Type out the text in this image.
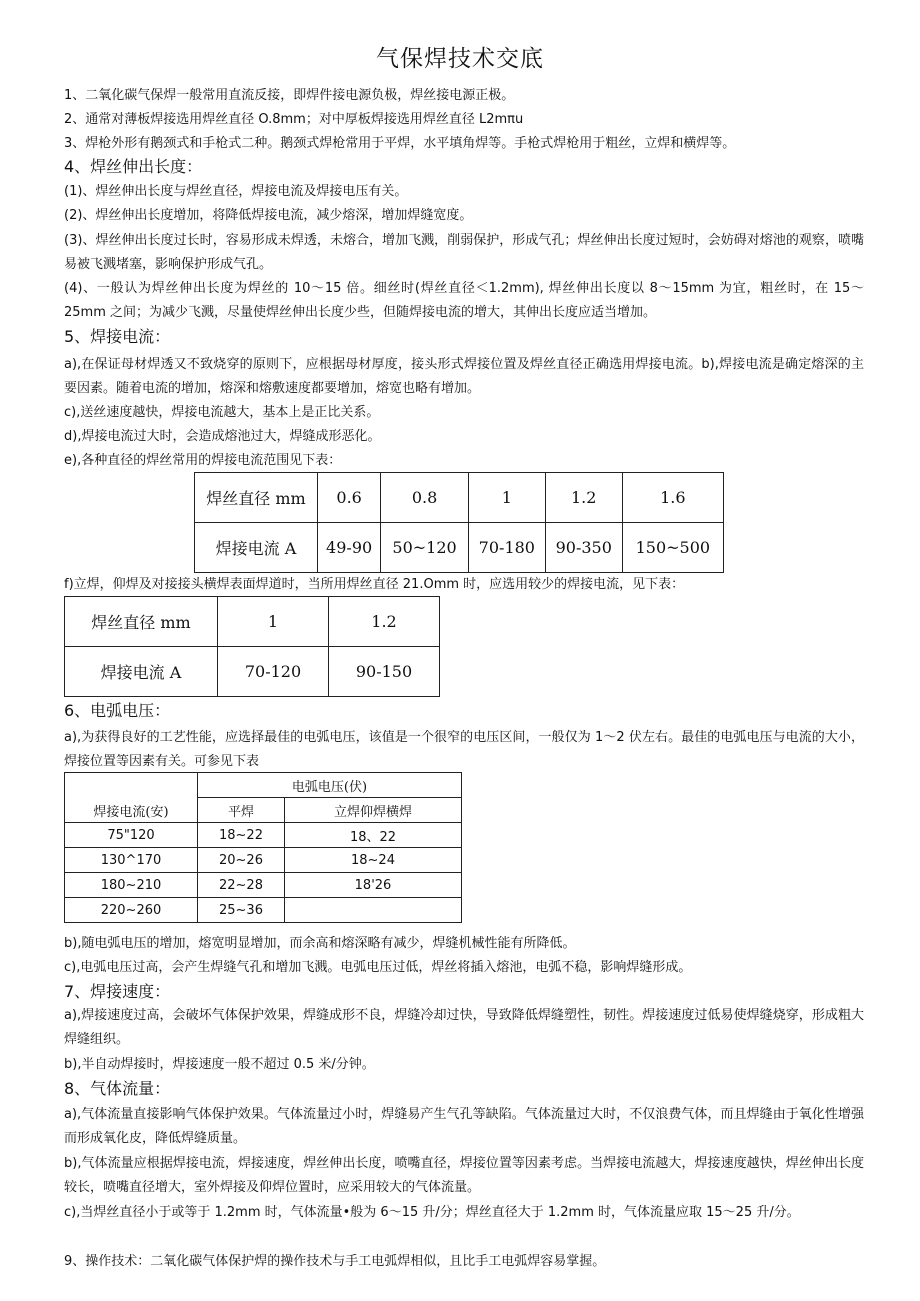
气保焊技术交底
1、二氧化碳气保焊一般常用直流反接，即焊件接电源负极，焊丝接电源正极。
2、通常对薄板焊接选用焊丝直径 O.8mm；对中厚板焊接选用焊丝直径 L2mπu
3、焊枪外形有鹅颈式和手枪式二种。鹅颈式焊枪常用于平焊，水平填角焊等。手枪式焊枪用于粗丝，立焊和横焊等。
4、焊丝伸出长度：
(1)、焊丝伸出长度与焊丝直径，焊接电流及焊接电压有关。
(2)、焊丝伸出长度增加，将降低焊接电流，减少熔深，增加焊缝宽度。
(3)、焊丝伸出长度过长时，容易形成未焊透，未熔合，增加飞溅，削弱保护，形成气孔；焊丝伸出长度过短时，会妨碍对熔池的观察，喷嘴易被飞溅堵塞，影响保护形成气孔。
(4)、一般认为焊丝伸出长度为焊丝的 10～15 倍。细丝时(焊丝直径＜1.2mm), 焊丝伸出长度以 8～15mm 为宜，粗丝时，在 15～25mm 之间；为减少飞溅，尽量使焊丝伸出长度少些，但随焊接电流的增大，其伸出长度应适当增加。
5、焊接电流：
a),在保证母材焊透又不致烧穿的原则下，应根据母材厚度，接头形式焊接位置及焊丝直径正确选用焊接电流。b),焊接电流是确定熔深的主要因素。随着电流的增加，熔深和熔敷速度都要增加，熔宽也略有增加。
c),送丝速度越快，焊接电流越大，基本上是正比关系。
d),焊接电流过大时，会造成熔池过大，焊缝成形恶化。
e),各种直径的焊丝常用的焊接电流范围见下表：
焊丝直径 mm	0.6	0.8	1	1.2	1.6
焊接电流 A	49-90	50~120	70-180	90-350	150~500
f)立焊，仰焊及对接接头横焊表面焊道时，当所用焊丝直径 21.Omm 时，应选用较少的焊接电流，见下表：
焊丝直径 mm	1	1.2
焊接电流 A	70-120	90-150
6、电弧电压：
a),为获得良好的工艺性能，应选择最佳的电弧电压，该值是一个很窄的电压区间，一般仅为 1～2 伏左右。最佳的电弧电压与电流的大小，焊接位置等因素有关。可参见下表
焊接电流(安)	电弧电压(伏)	
	平焊	立焊仰焊横焊
75"120	18~22	18、22
130^170	20~26	18~24
180~210	22~28	18'26
220~260	25~36	
b),随电弧电压的增加，熔宽明显增加，而余高和熔深略有减少，焊缝机械性能有所降低。
c),电弧电压过高，会产生焊缝气孔和增加飞溅。电弧电压过低，焊丝将插入熔池，电弧不稳，影响焊缝形成。
7、焊接速度：
a),焊接速度过高，会破坏气体保护效果，焊缝成形不良，焊缝冷却过快，导致降低焊缝塑性，韧性。焊接速度过低易使焊缝烧穿，形成粗大焊缝组织。
b),半自动焊接时，焊接速度一般不超过 0.5 米/分钟。
8、气体流量：
a),气体流量直接影响气体保护效果。气体流量过小时，焊缝易产生气孔等缺陷。气体流量过大时，不仅浪费气体，而且焊缝由于氧化性增强而形成氧化皮，降低焊缝质量。
b),气体流量应根据焊接电流，焊接速度，焊丝伸出长度，喷嘴直径，焊接位置等因素考虑。当焊接电流越大，焊接速度越快，焊丝伸出长度较长，喷嘴直径增大，室外焊接及仰焊位置时，应采用较大的气体流量。
c),当焊丝直径小于或等于 1.2mm 时，气体流量•般为 6～15 升/分；焊丝直径大于 1.2mm 时，气体流量应取 15～25 升/分。
9、操作技术：二氧化碳气体保护焊的操作技术与手工电弧焊相似，且比手工电弧焊容易掌握。
